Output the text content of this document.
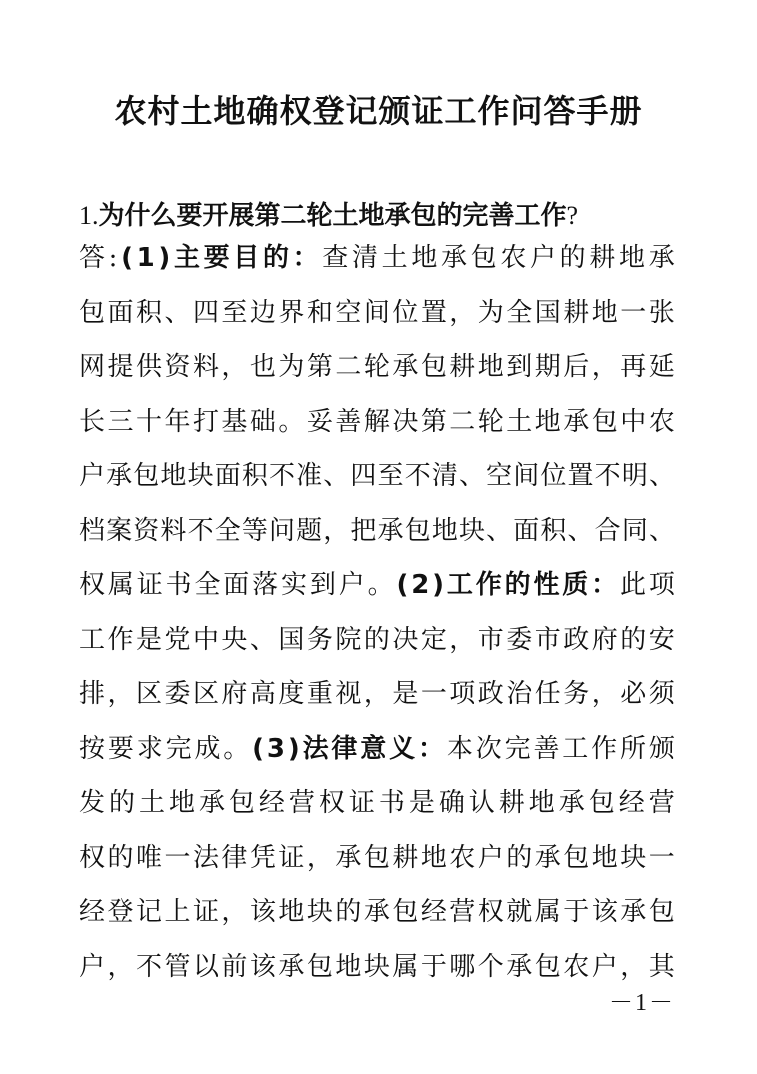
农村土地确权登记颁证工作问答手册
1.为什么要开展第二轮土地承包的完善工作?
答 : ( 1 ) 主 要 目 的 ： 查 清 土 地 承 包 农 户 的 耕 地 承
包 面 积 、 四 至 边 界 和 空 间 位 置 ， 为 全 国 耕 地 一 张
网 提 供 资 料 ， 也 为 第 二 轮 承 包 耕 地 到 期 后 ， 再 延
长 三 十 年 打 基 础 。 妥 善 解 决 第 二 轮 土 地 承 包 中 农
户 承 包 地 块 面 积 不 准 、 四 至 不 清 、 空 间 位 置 不 明 、
档 案 资 料 不 全 等 问 题 ， 把 承 包 地 块 、 面 积 、 合 同 、
权 属 证 书 全 面 落 实 到 户 。 ( 2 ) 工 作 的 性 质 ： 此 项
工 作 是 党 中 央 、 国 务 院 的 决 定 ， 市 委 市 政 府 的 安
排 ， 区 委 区 府 高 度 重 视 ， 是 一 项 政 治 任 务 ， 必 须
按 要 求 完 成 。 ( 3 ) 法 律 意 义 ： 本 次 完 善 工 作 所 颁
发 的 土 地 承 包 经 营 权 证 书 是 确 认 耕 地 承 包 经 营
权 的 唯 一 法 律 凭 证 ， 承 包 耕 地 农 户 的 承 包 地 块 一
经 登 记 上 证 ， 该 地 块 的 承 包 经 营 权 就 属 于 该 承 包
户 ， 不 管 以 前 该 承 包 地 块 属 于 哪 个 承 包 农 户 ， 其
－1－
